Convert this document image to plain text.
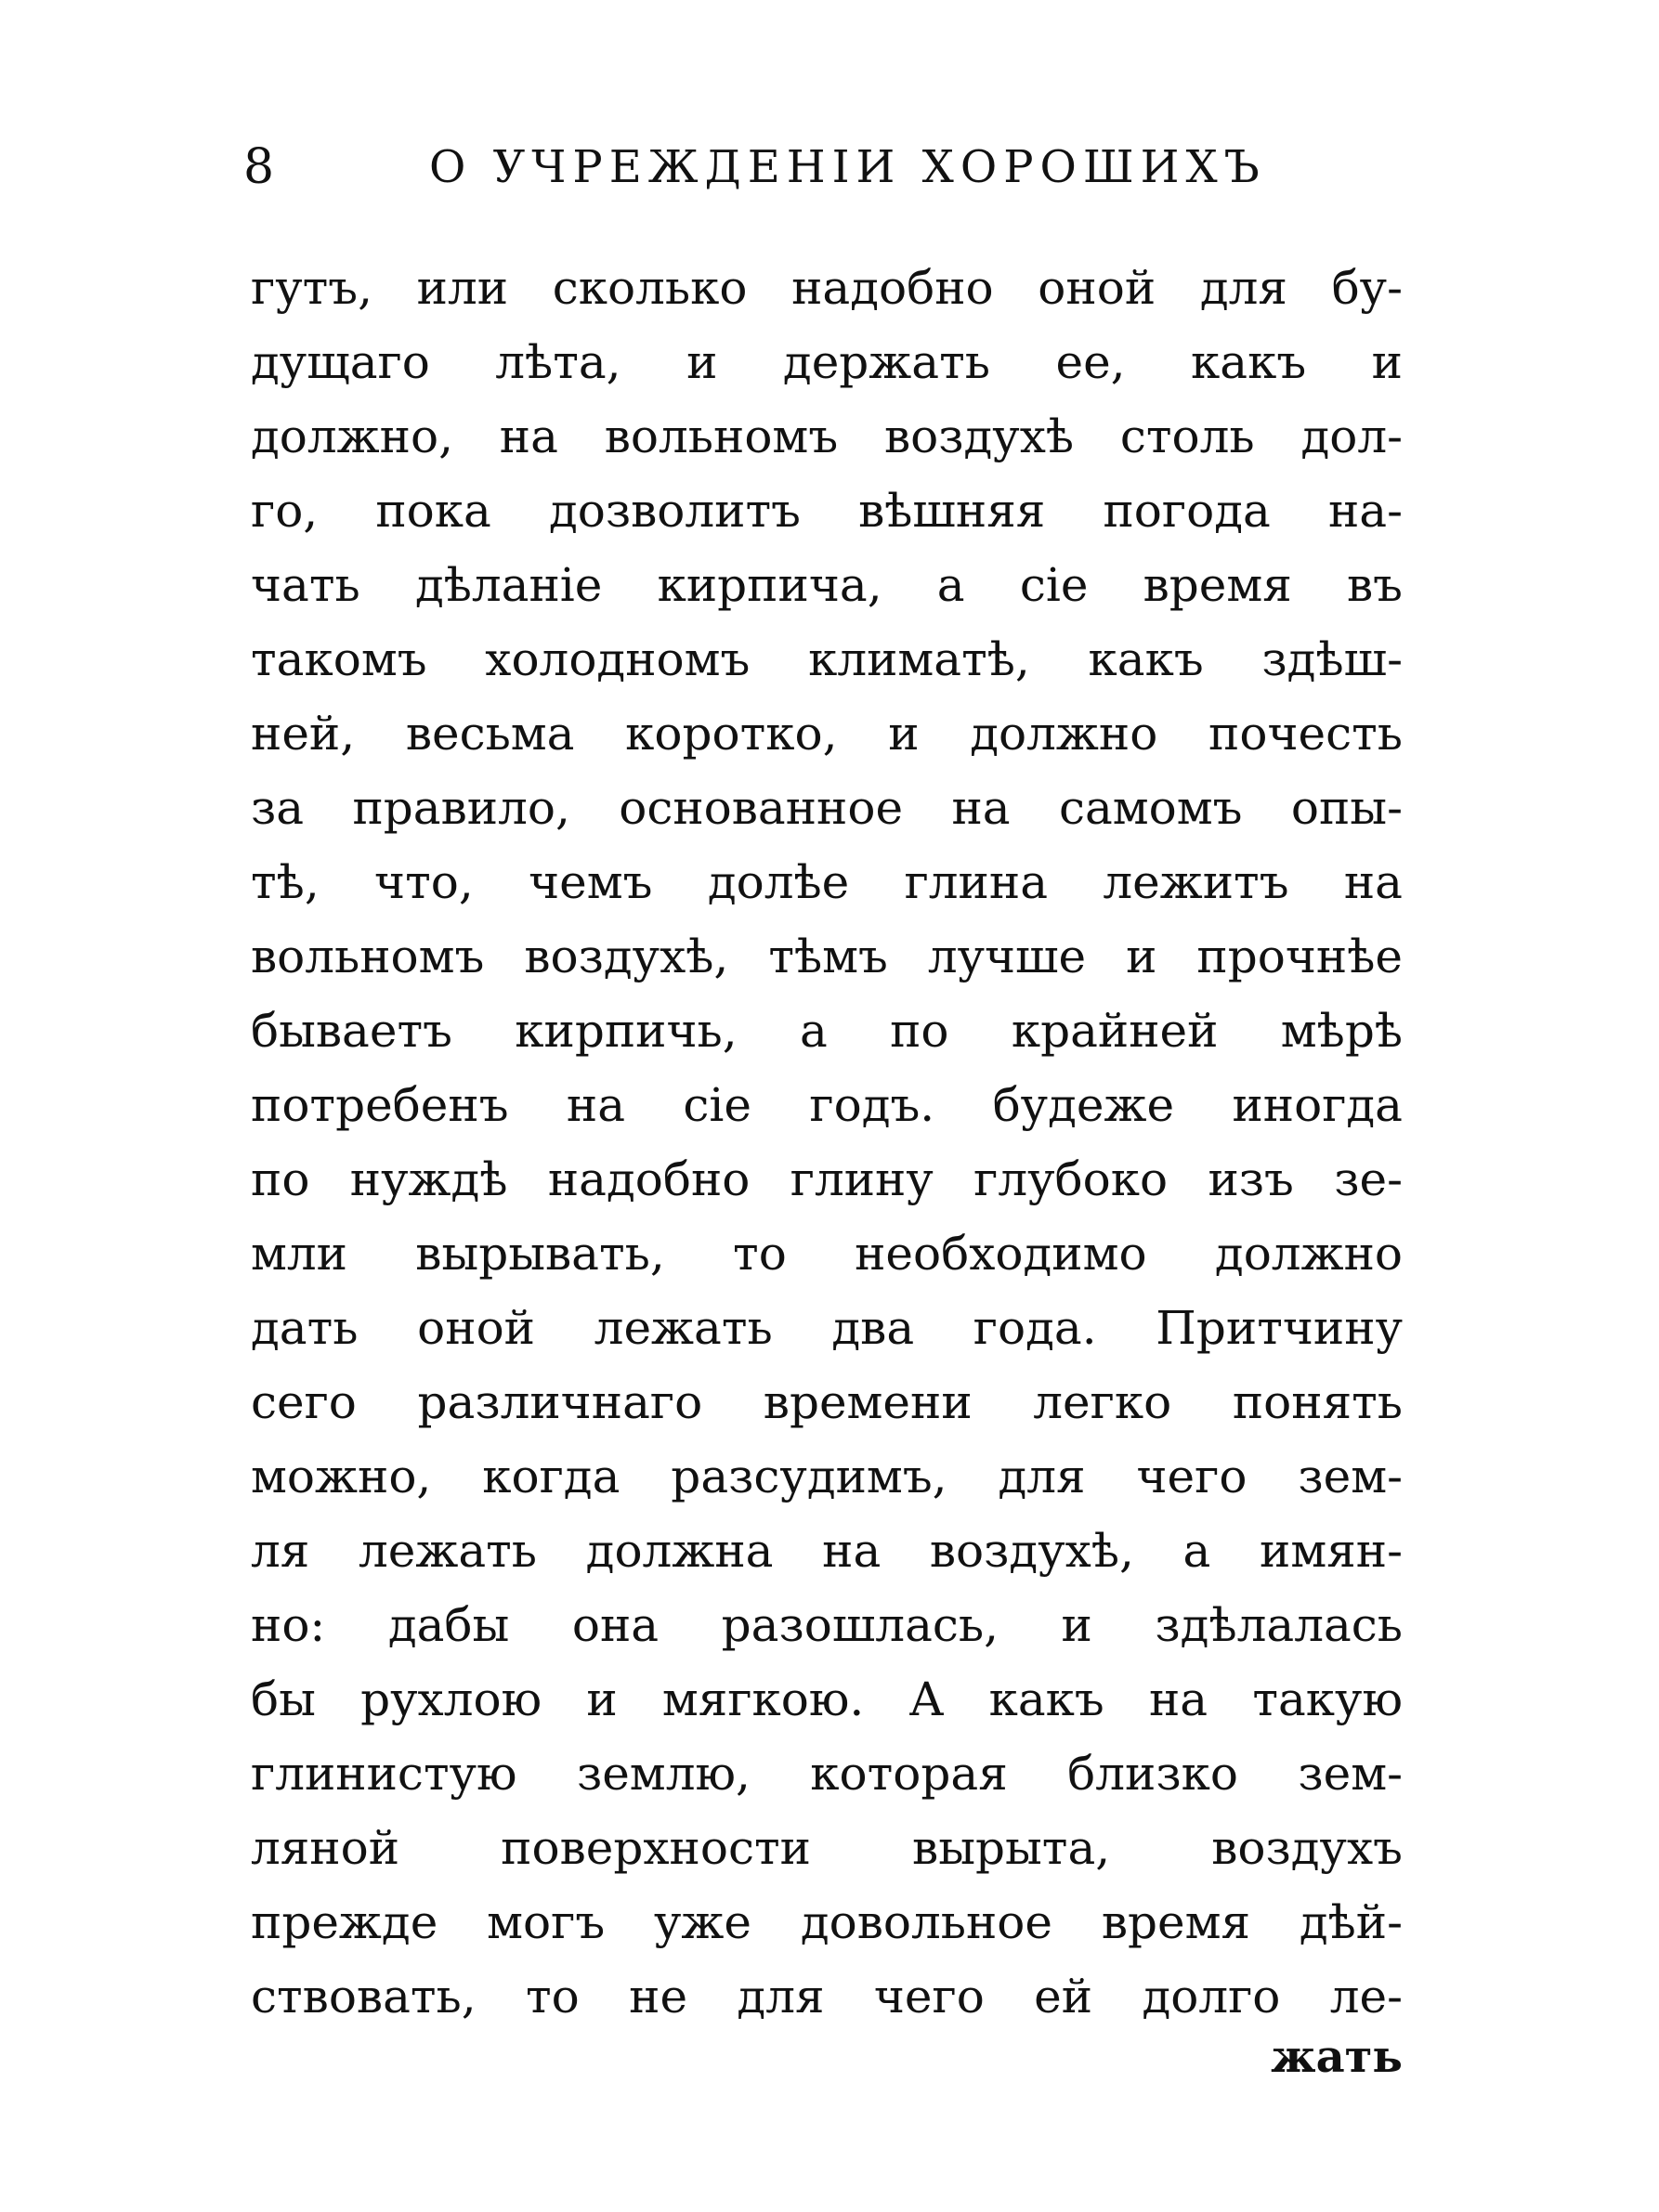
8	О УЧРЕЖДЕНІИ ХОРОШИХЪ
гутъ, или сколько надобно оной для бу-
дущаго лѣта, и держать ее, какъ и
должно, на вольномъ воздухѣ столь дол-
го, пока дозволитъ вѣшняя погода на-
чать дѣланіе кирпича, а сіе время въ
такомъ холодномъ климатѣ, какъ здѣш-
ней, весьма коротко, и должно почесть
за правило, основанное на самомъ опы-
тѣ, что, чемъ долѣе глина лежитъ на
вольномъ воздухѣ, тѣмъ лучше и прочнѣе
бываетъ кирпичь, а по крайней мѣрѣ
потребенъ на сіе годъ. будеже иногда
по нуждѣ надобно глину глубоко изъ зе-
мли вырывать, то необходимо должно
дать оной лежать два года. Притчину
сего различнаго времени легко понять
можно, когда разсудимъ, для чего зем-
ля лежать должна на воздухѣ, а имян-
но: дабы она разошлась, и здѣлалась
бы рухлою и мягкою. А какъ на такую
глинистую землю, которая близко зем-
ляной поверхности вырыта, воздухъ
прежде могъ уже довольное время дѣй-
ствовать, то не для чего ей долго ле-
жать
